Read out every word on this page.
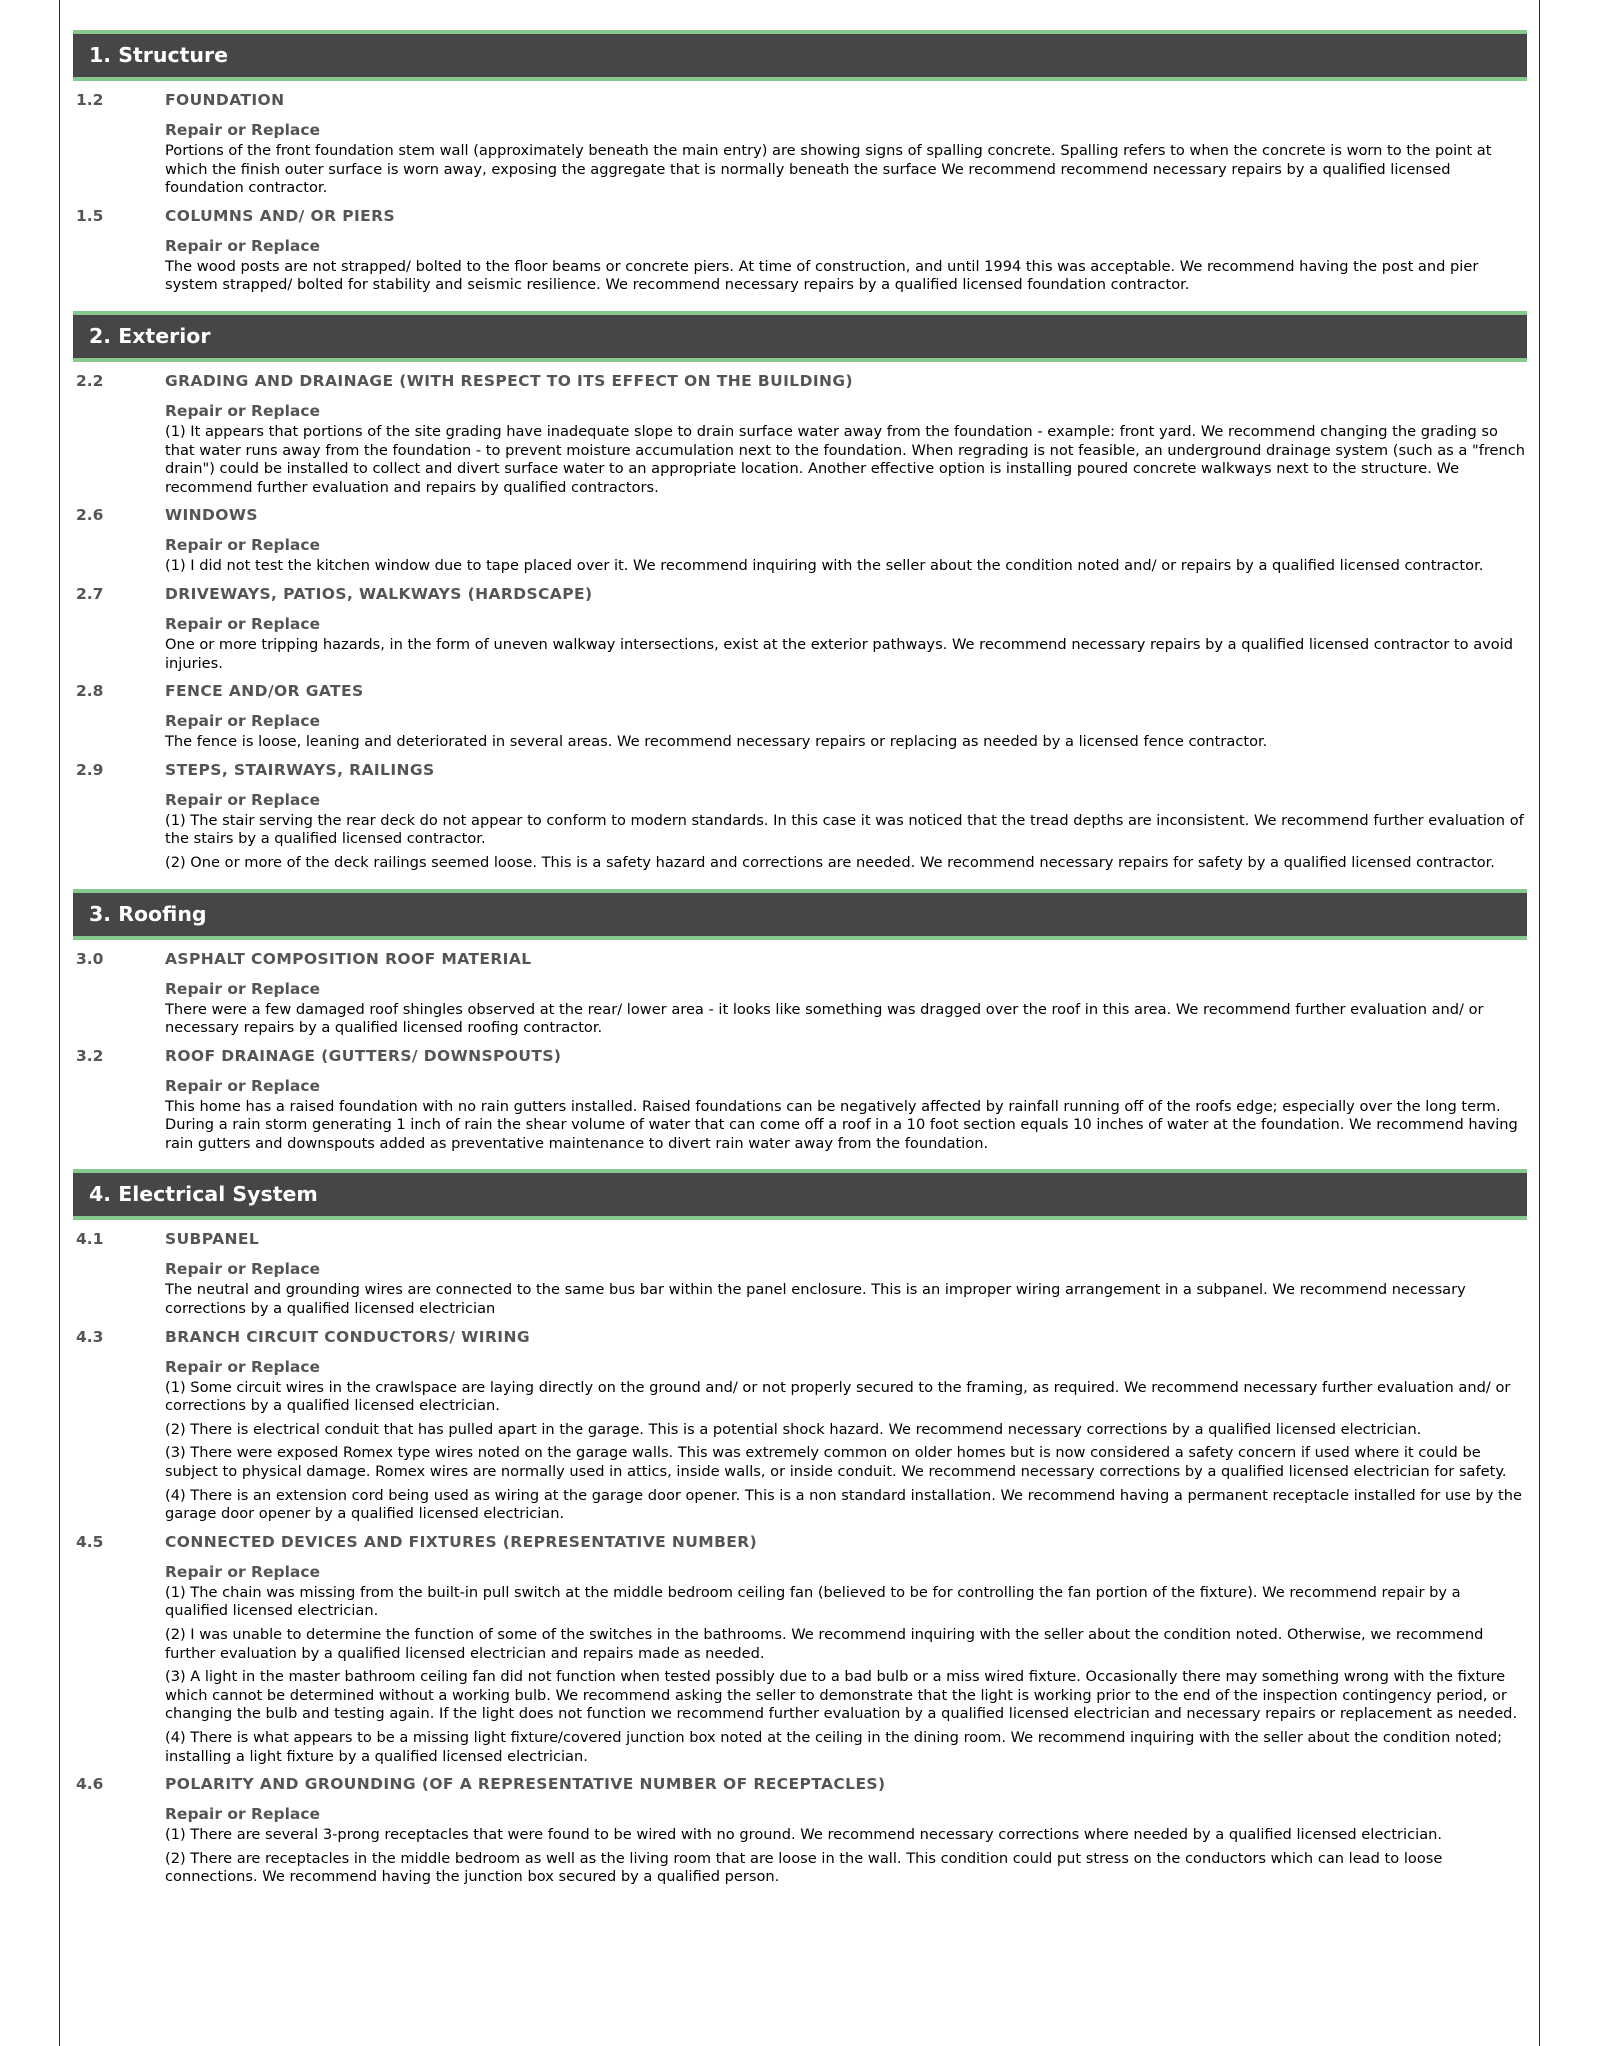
1. Structure
1.2	FOUNDATION
Repair or Replace
Portions of the front foundation stem wall (approximately beneath the main entry) are showing signs of spalling concrete. Spalling refers to when the concrete is worn to the point at which the finish outer surface is worn away, exposing the aggregate that is normally beneath the surface We recommend recommend necessary repairs by a qualified licensed foundation contractor.
1.5	COLUMNS AND/ OR PIERS
Repair or Replace
The wood posts are not strapped/ bolted to the floor beams or concrete piers. At time of construction, and until 1994 this was acceptable. We recommend having the post and pier system strapped/ bolted for stability and seismic resilience. We recommend necessary repairs by a qualified licensed foundation contractor.
2. Exterior
2.2	GRADING AND DRAINAGE (WITH RESPECT TO ITS EFFECT ON THE BUILDING)
Repair or Replace
(1) It appears that portions of the site grading have inadequate slope to drain surface water away from the foundation - example: front yard. We recommend changing the grading so that water runs away from the foundation - to prevent moisture accumulation next to the foundation. When regrading is not feasible, an underground drainage system (such as a "french drain") could be installed to collect and divert surface water to an appropriate location. Another effective option is installing poured concrete walkways next to the structure. We recommend further evaluation and repairs by qualified contractors.
2.6	WINDOWS
Repair or Replace
(1) I did not test the kitchen window due to tape placed over it. We recommend inquiring with the seller about the condition noted and/ or repairs by a qualified licensed contractor.
2.7	DRIVEWAYS, PATIOS, WALKWAYS (HARDSCAPE)
Repair or Replace
One or more tripping hazards, in the form of uneven walkway intersections, exist at the exterior pathways. We recommend necessary repairs by a qualified licensed contractor to avoid injuries.
2.8	FENCE AND/OR GATES
Repair or Replace
The fence is loose, leaning and deteriorated in several areas. We recommend necessary repairs or replacing as needed by a licensed fence contractor.
2.9	STEPS, STAIRWAYS, RAILINGS
Repair or Replace
(1) The stair serving the rear deck do not appear to conform to modern standards. In this case it was noticed that the tread depths are inconsistent. We recommend further evaluation of the stairs by a qualified licensed contractor.
(2) One or more of the deck railings seemed loose. This is a safety hazard and corrections are needed. We recommend necessary repairs for safety by a qualified licensed contractor.
3. Roofing
3.0	ASPHALT COMPOSITION ROOF MATERIAL
Repair or Replace
There were a few damaged roof shingles observed at the rear/ lower area - it looks like something was dragged over the roof in this area. We recommend further evaluation and/ or necessary repairs by a qualified licensed roofing contractor.
3.2	ROOF DRAINAGE (GUTTERS/ DOWNSPOUTS)
Repair or Replace
This home has a raised foundation with no rain gutters installed. Raised foundations can be negatively affected by rainfall running off of the roofs edge; especially over the long term. During a rain storm generating 1 inch of rain the shear volume of water that can come off a roof in a 10 foot section equals 10 inches of water at the foundation. We recommend having rain gutters and downspouts added as preventative maintenance to divert rain water away from the foundation.
4. Electrical System
4.1	SUBPANEL
Repair or Replace
The neutral and grounding wires are connected to the same bus bar within the panel enclosure. This is an improper wiring arrangement in a subpanel. We recommend necessary corrections by a qualified licensed electrician
4.3	BRANCH CIRCUIT CONDUCTORS/ WIRING
Repair or Replace
(1) Some circuit wires in the crawlspace are laying directly on the ground and/ or not properly secured to the framing, as required. We recommend necessary further evaluation and/ or corrections by a qualified licensed electrician.
(2) There is electrical conduit that has pulled apart in the garage. This is a potential shock hazard. We recommend necessary corrections by a qualified licensed electrician.
(3) There were exposed Romex type wires noted on the garage walls. This was extremely common on older homes but is now considered a safety concern if used where it could be subject to physical damage. Romex wires are normally used in attics, inside walls, or inside conduit. We recommend necessary corrections by a qualified licensed electrician for safety.
(4) There is an extension cord being used as wiring at the garage door opener. This is a non standard installation. We recommend having a permanent receptacle installed for use by the garage door opener by a qualified licensed electrician.
4.5	CONNECTED DEVICES AND FIXTURES (REPRESENTATIVE NUMBER)
Repair or Replace
(1) The chain was missing from the built-in pull switch at the middle bedroom ceiling fan (believed to be for controlling the fan portion of the fixture). We recommend repair by a qualified licensed electrician.
(2) I was unable to determine the function of some of the switches in the bathrooms. We recommend inquiring with the seller about the condition noted. Otherwise, we recommend further evaluation by a qualified licensed electrician and repairs made as needed.
(3) A light in the master bathroom ceiling fan did not function when tested possibly due to a bad bulb or a miss wired fixture. Occasionally there may something wrong with the fixture which cannot be determined without a working bulb. We recommend asking the seller to demonstrate that the light is working prior to the end of the inspection contingency period, or changing the bulb and testing again. If the light does not function we recommend further evaluation by a qualified licensed electrician and necessary repairs or replacement as needed.
(4) There is what appears to be a missing light fixture/covered junction box noted at the ceiling in the dining room. We recommend inquiring with the seller about the condition noted; installing a light fixture by a qualified licensed electrician.
4.6	POLARITY AND GROUNDING (OF A REPRESENTATIVE NUMBER OF RECEPTACLES)
Repair or Replace
(1) There are several 3-prong receptacles that were found to be wired with no ground. We recommend necessary corrections where needed by a qualified licensed electrician.
(2) There are receptacles in the middle bedroom as well as the living room that are loose in the wall. This condition could put stress on the conductors which can lead to loose connections. We recommend having the junction box secured by a qualified person.
